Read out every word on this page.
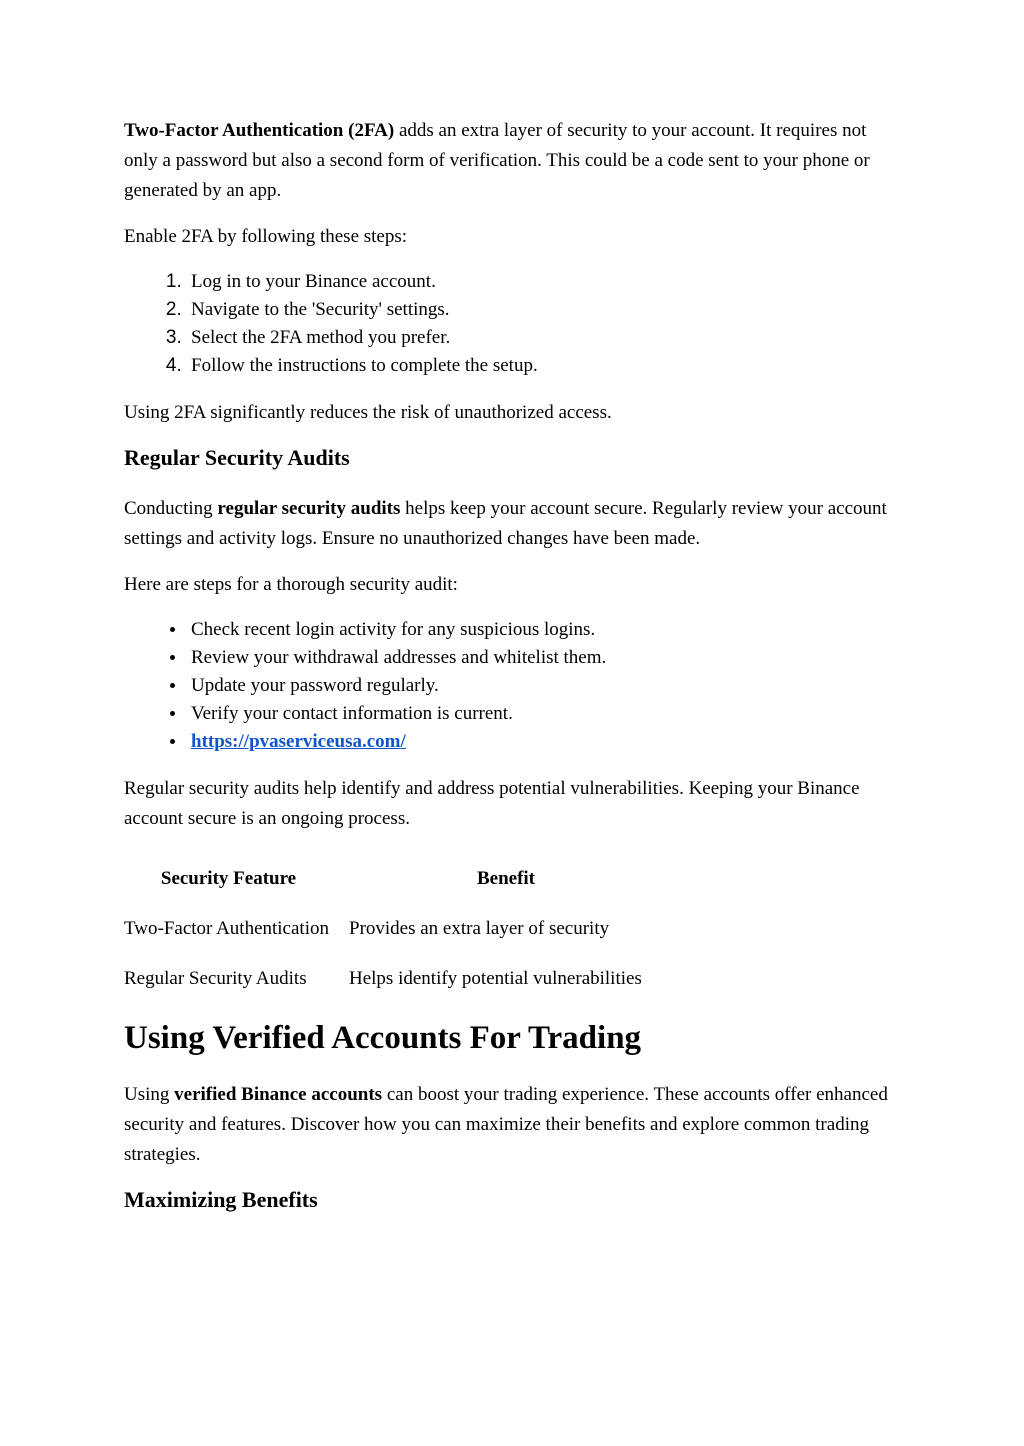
Two-Factor Authentication (2FA) adds an extra layer of security to your account. It requires not only a password but also a second form of verification. This could be a code sent to your phone or generated by an app.

Enable 2FA by following these steps:

1. Log in to your Binance account.
2. Navigate to the 'Security' settings.
3. Select the 2FA method you prefer.
4. Follow the instructions to complete the setup.

Using 2FA significantly reduces the risk of unauthorized access.

Regular Security Audits

Conducting regular security audits helps keep your account secure. Regularly review your account settings and activity logs. Ensure no unauthorized changes have been made.

Here are steps for a thorough security audit:

• Check recent login activity for any suspicious logins.
• Review your withdrawal addresses and whitelist them.
• Update your password regularly.
• Verify your contact information is current.
• https://pvaserviceusa.com/

Regular security audits help identify and address potential vulnerabilities. Keeping your Binance account secure is an ongoing process.

Security Feature	Benefit
Two-Factor Authentication	Provides an extra layer of security
Regular Security Audits	Helps identify potential vulnerabilities
Using Verified Accounts For Trading

Using verified Binance accounts can boost your trading experience. These accounts offer enhanced security and features. Discover how you can maximize their benefits and explore common trading strategies.

Maximizing Benefits
